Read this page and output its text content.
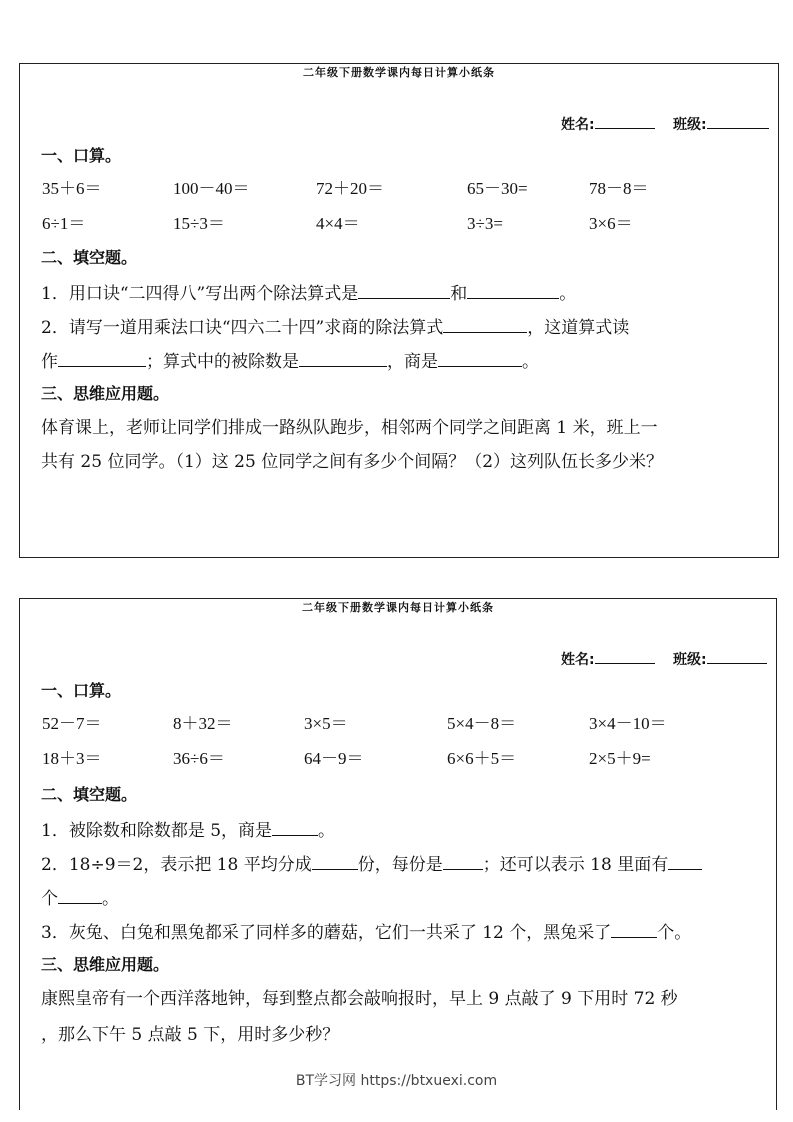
二年级下册数学课内每日计算小纸条
姓名:	班级:
一、口算。
35＋6＝	100－40＝	72＋20＝	65－30=	78－8＝
6÷1＝	15÷3＝	4×4＝	3÷3=	3×6＝
二、填空题。
1．用口诀“二四得八”写出两个除法算式是	和	。
2．请写一道用乘法口诀“四六二十四”求商的除法算式	，这道算式读
作	；算式中的被除数是	，商是	。
三、思维应用题。
体育课上，老师让同学们排成一路纵队跑步，相邻两个同学之间距离 1 米，班上一
共有 25 位同学。（1）这 25 位同学之间有多少个间隔？（2）这列队伍长多少米？
二年级下册数学课内每日计算小纸条
姓名:	班级:
一、口算。
52－7＝	8＋32＝	3×5＝	5×4－8＝	3×4－10＝
18＋3＝	36÷6＝	64－9＝	6×6＋5＝	2×5＋9=
二、填空题。
1．被除数和除数都是 5，商是	。
2．18÷9＝2，表示把 18 平均分成	份，每份是 ；还可以表示 18 里面有
个	。
3．灰兔、白兔和黑兔都采了同样多的蘑菇，它们一共采了 12 个，黑兔采了	个。
三、思维应用题。
康熙皇帝有一个西洋落地钟，每到整点都会敲响报时，早上 9 点敲了 9 下用时 72 秒
，那么下午 5 点敲 5 下，用时多少秒？
BT学习网 https://btxuexi.com
